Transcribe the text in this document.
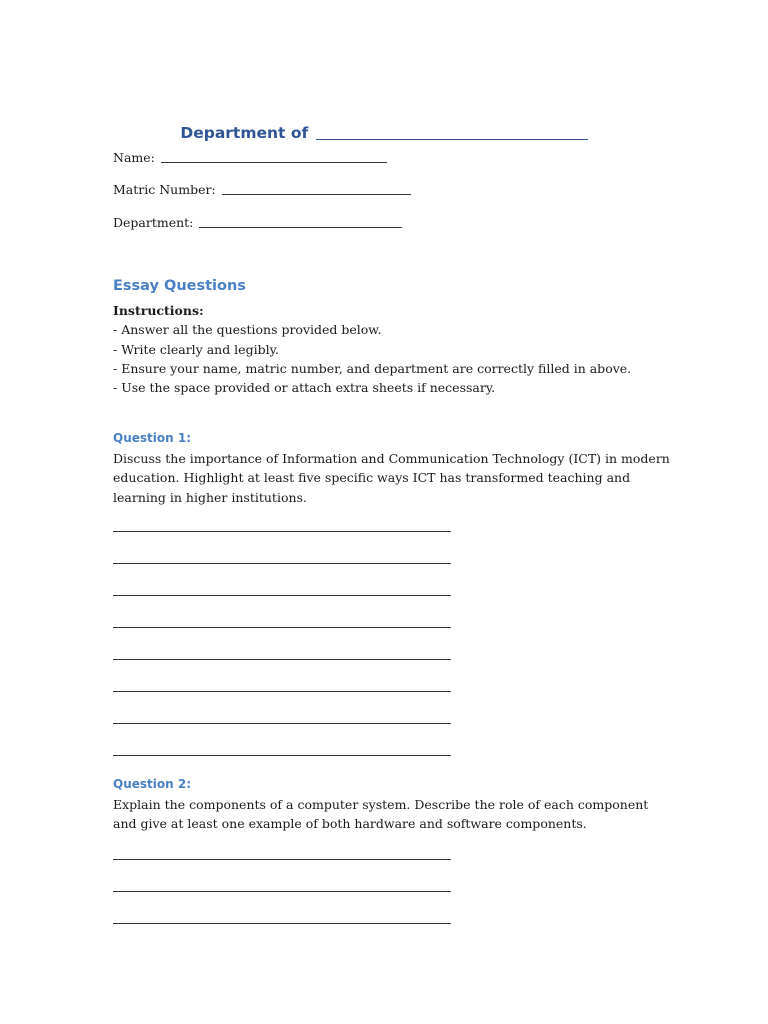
Department of
Name:
Matric Number:
Department:
Essay Questions
Instructions:
- Answer all the questions provided below.
- Write clearly and legibly.
- Ensure your name, matric number, and department are correctly filled in above.
- Use the space provided or attach extra sheets if necessary.
Question 1:
Discuss the importance of Information and Communication Technology (ICT) in modern education. Highlight at least five specific ways ICT has transformed teaching and learning in higher institutions.
Question 2:
Explain the components of a computer system. Describe the role of each component and give at least one example of both hardware and software components.
